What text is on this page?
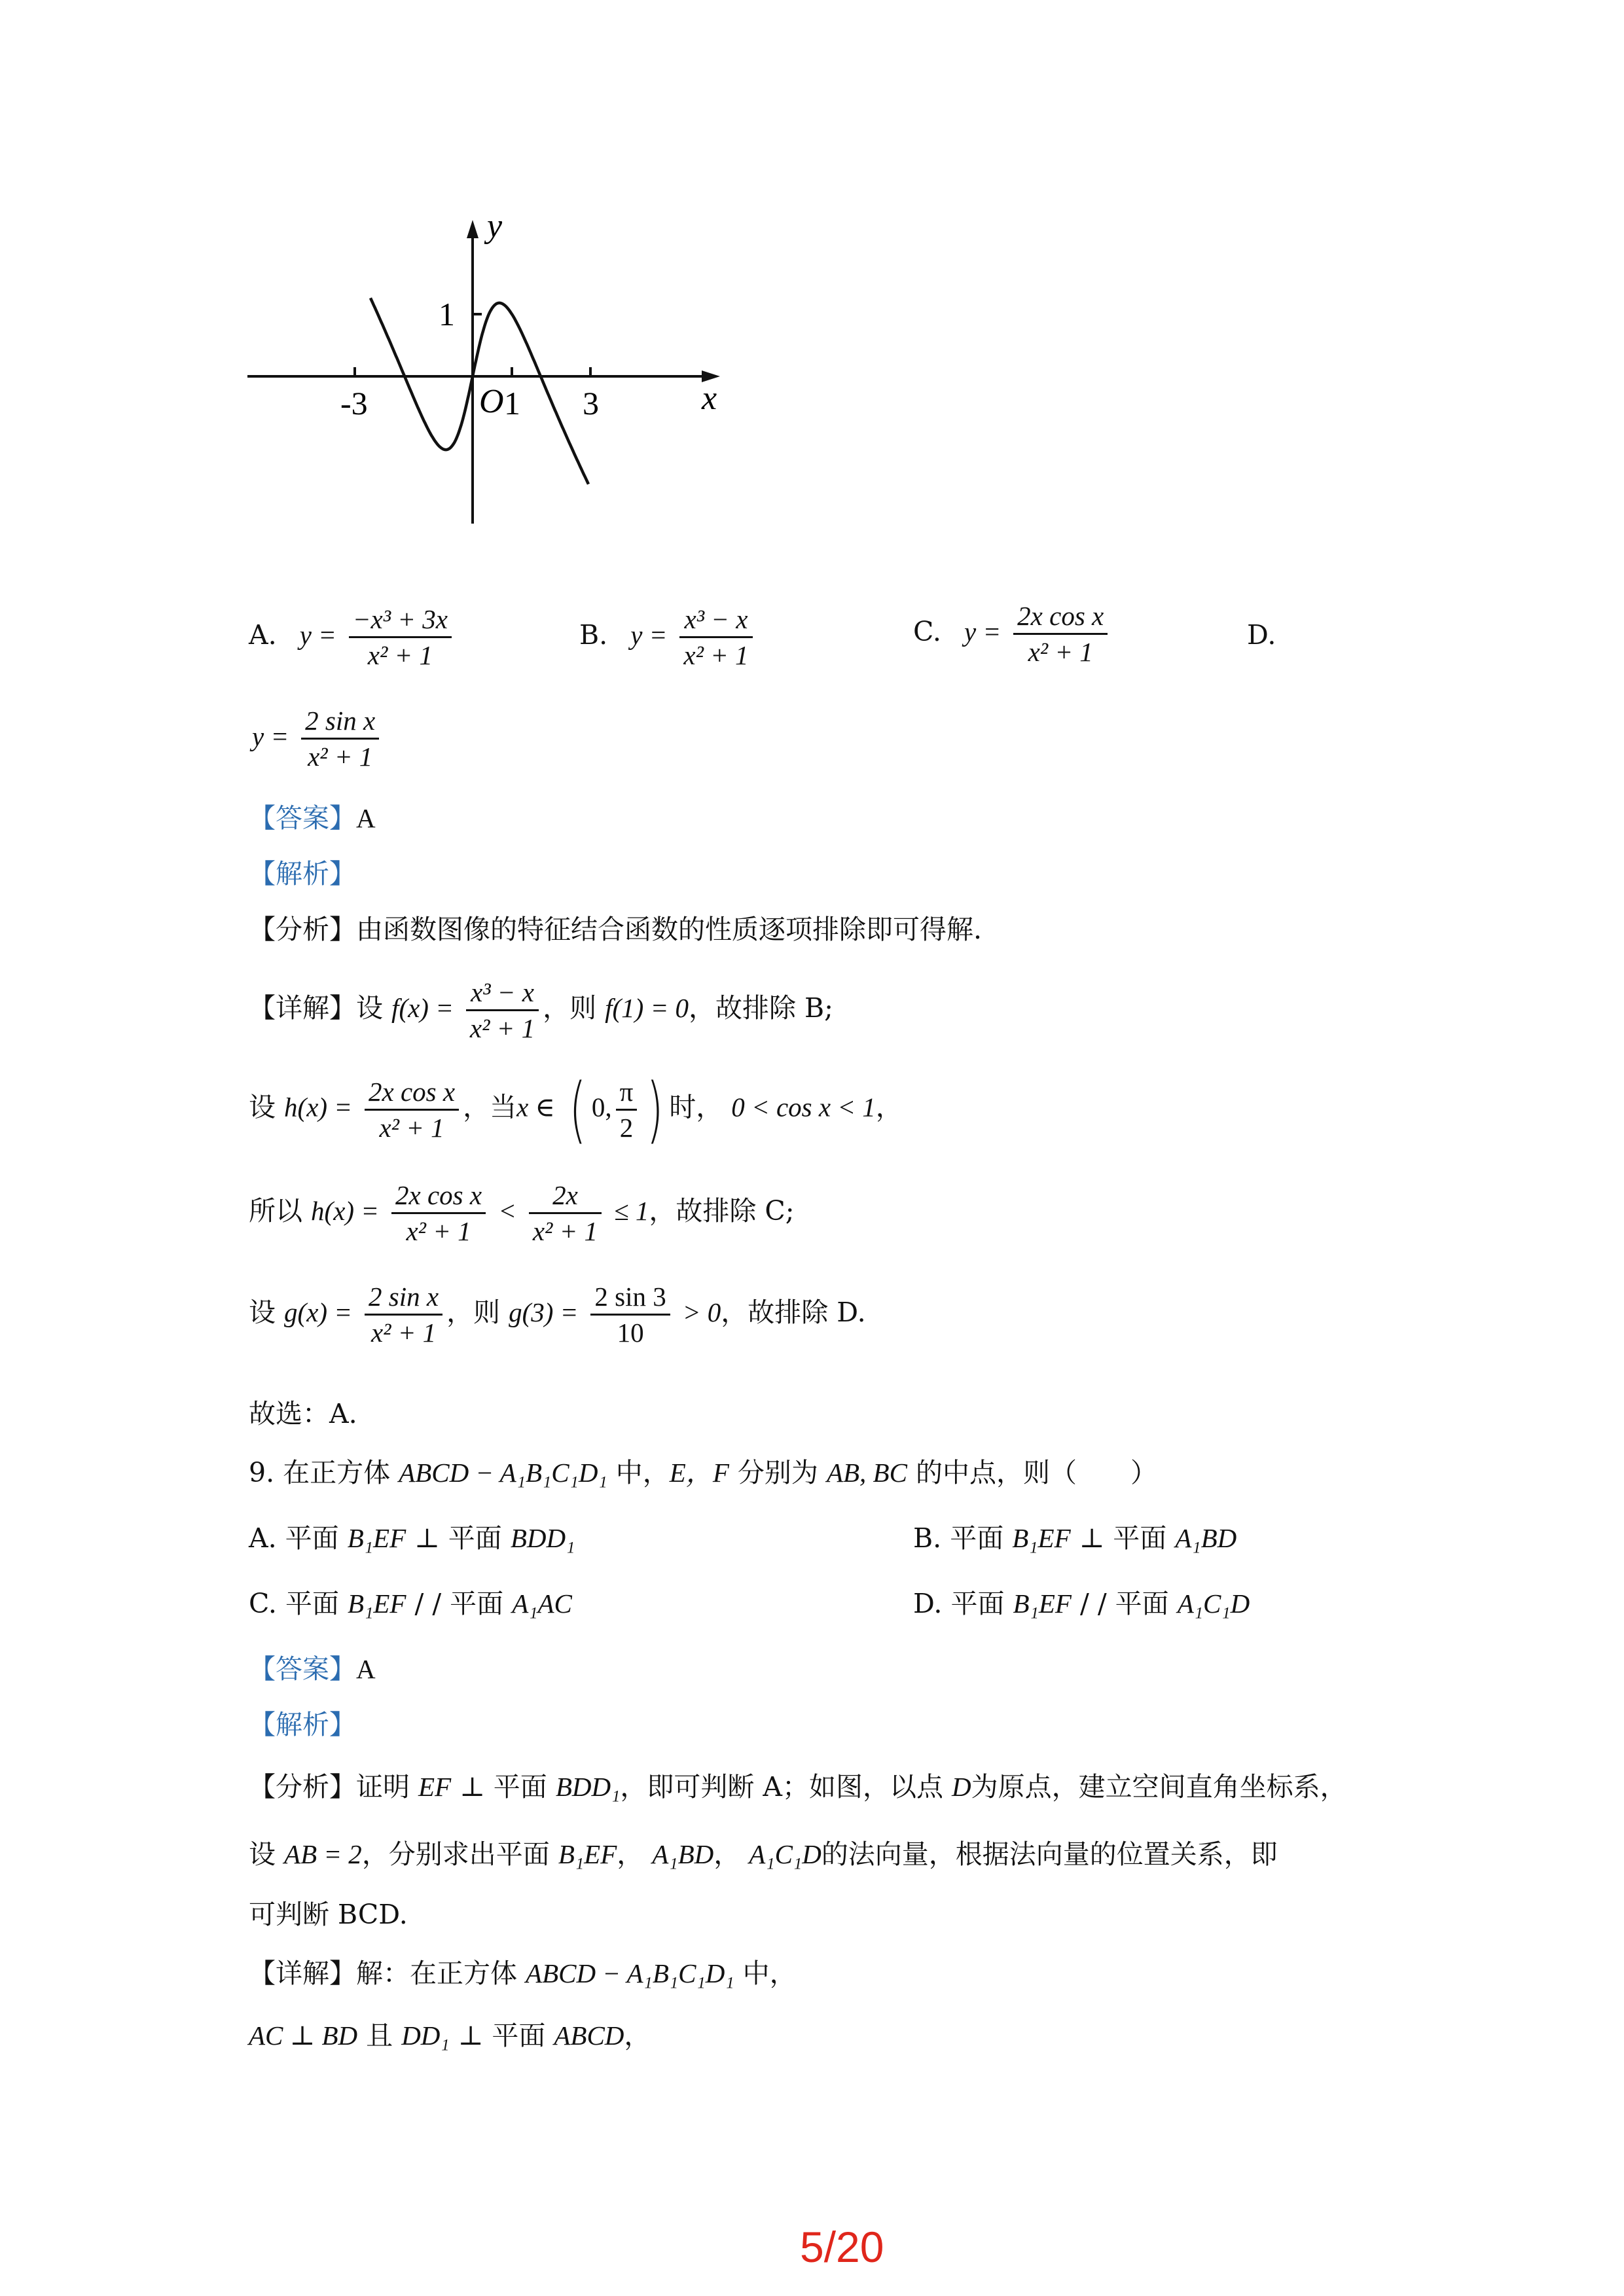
-3	1 3
1
x
y
O
A. $y = \frac{\text{−x³ + 3x}}{\text{x² + 1}}$	B. $y = \frac{\text{x³ − x}}{\text{x² + 1}}$	C. $y = \frac{\text{2x cos x}}{\text{x² + 1}}$	D.
$y = \frac{\text{2 sin x}}{\text{x² + 1}}$
【答案】A
【解析】
【分析】由函数图像的特征结合函数的性质逐项排除即可得解.
【详解】设 $f(x) = \frac{\text{x³ − x}}{\text{x² + 1}}$ ，则 f(1) = 0，故排除 B;
设 $h(x) = \frac{\text{2x cos x}}{\text{x² + 1}}$ ，当x ∈ ( 0, $\frac{\pi}{2}$ ) 时， 0 < cos x < 1，
所以 $h(x) = \frac{\text{2x cos x}}{\text{x² + 1}} < \frac{2x}{\text{x² + 1}} \le 1$，故排除 C;
设 $g(x) = \frac{\text{2 sin x}}{\text{x² + 1}}$ ，则 $g(3) = \frac{2 \sin 3}{10} > 0$，故排除 D.
故选：A.
9. 在正方体 ABCD − A₁B₁C₁D₁ 中，E，F 分别为 AB, BC 的中点，则（　　）
A. 平面 B₁EF ⊥ 平面 BDD₁	B. 平面 B₁EF ⊥ 平面 A₁BD
C. 平面 B₁EF / / 平面 A₁AC	D. 平面 B₁EF / / 平面 A₁C₁D
【答案】A
【解析】
【分析】证明 EF ⊥ 平面 BDD₁，即可判断 A；如图，以点 D为原点，建立空间直角坐标系，
设 AB = 2，分别求出平面 B₁EF， A₁BD， A₁C₁D的法向量，根据法向量的位置关系，即
可判断 BCD.
【详解】解：在正方体 ABCD − A₁B₁C₁D₁ 中，
AC ⊥ BD 且 DD₁ ⊥ 平面 ABCD，
5/20
